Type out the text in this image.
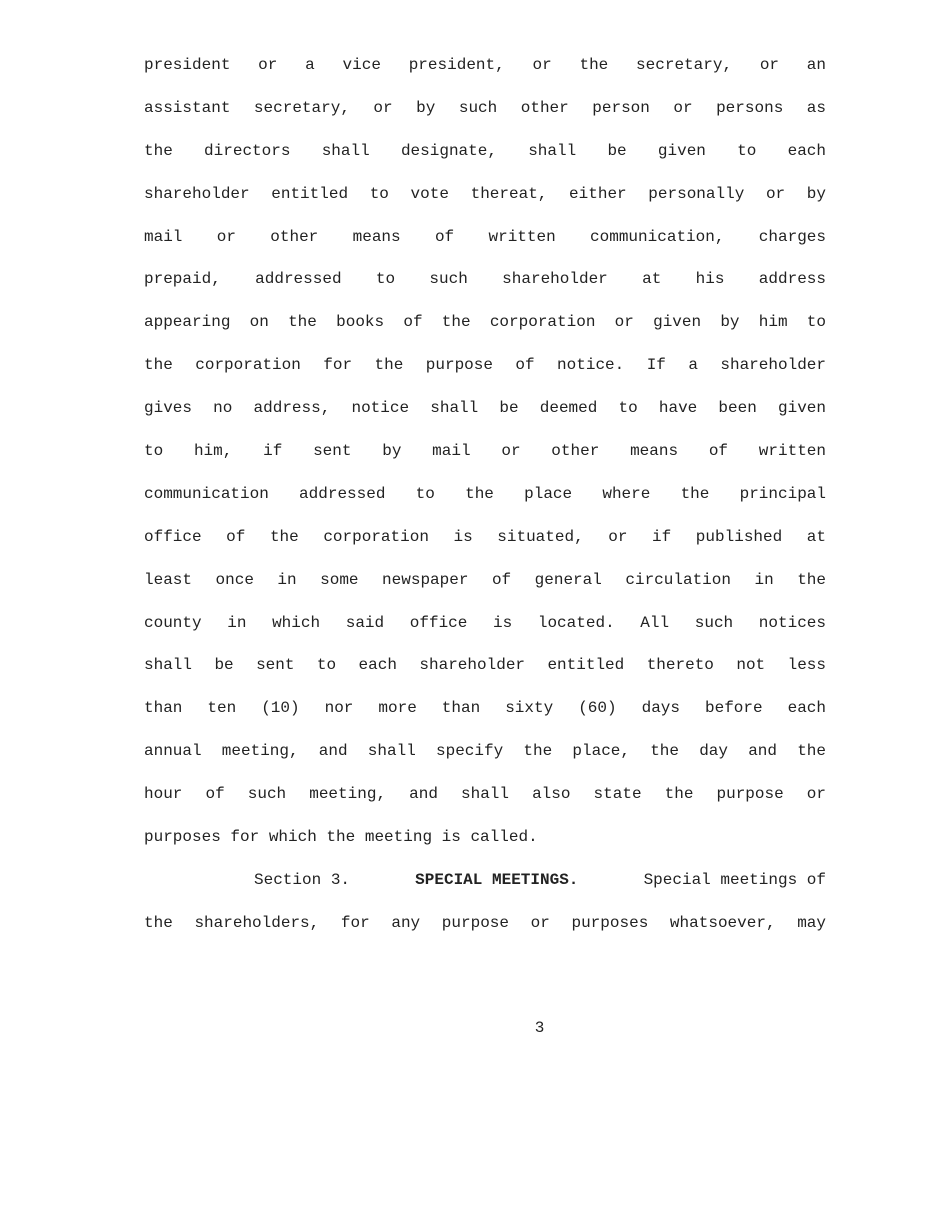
president or a vice president, or the secretary, or an
assistant secretary, or by such other person or persons as
the directors shall designate, shall be given to each
shareholder entitled to vote thereat, either personally or by
mail or other means of written communication, charges
prepaid, addressed to such shareholder at his address
appearing on the books of the corporation or given by him to
the corporation for the purpose of notice. If a shareholder
gives no address, notice shall be deemed to have been given
to him, if sent by mail or other means of written
communication addressed to the place where the principal
office of the corporation is situated, or if published at
least once in some newspaper of general circulation in the
county in which said office is located. All such notices
shall be sent to each shareholder entitled thereto not less
than ten (10) nor more than sixty (60) days before each
annual meeting, and shall specify the place, the day and the
hour of such meeting, and shall also state the purpose or
purposes for which the meeting is called.
Section 3.	SPECIAL MEETINGS.	Special meetings of
the shareholders, for any purpose or purposes whatsoever, may
3
